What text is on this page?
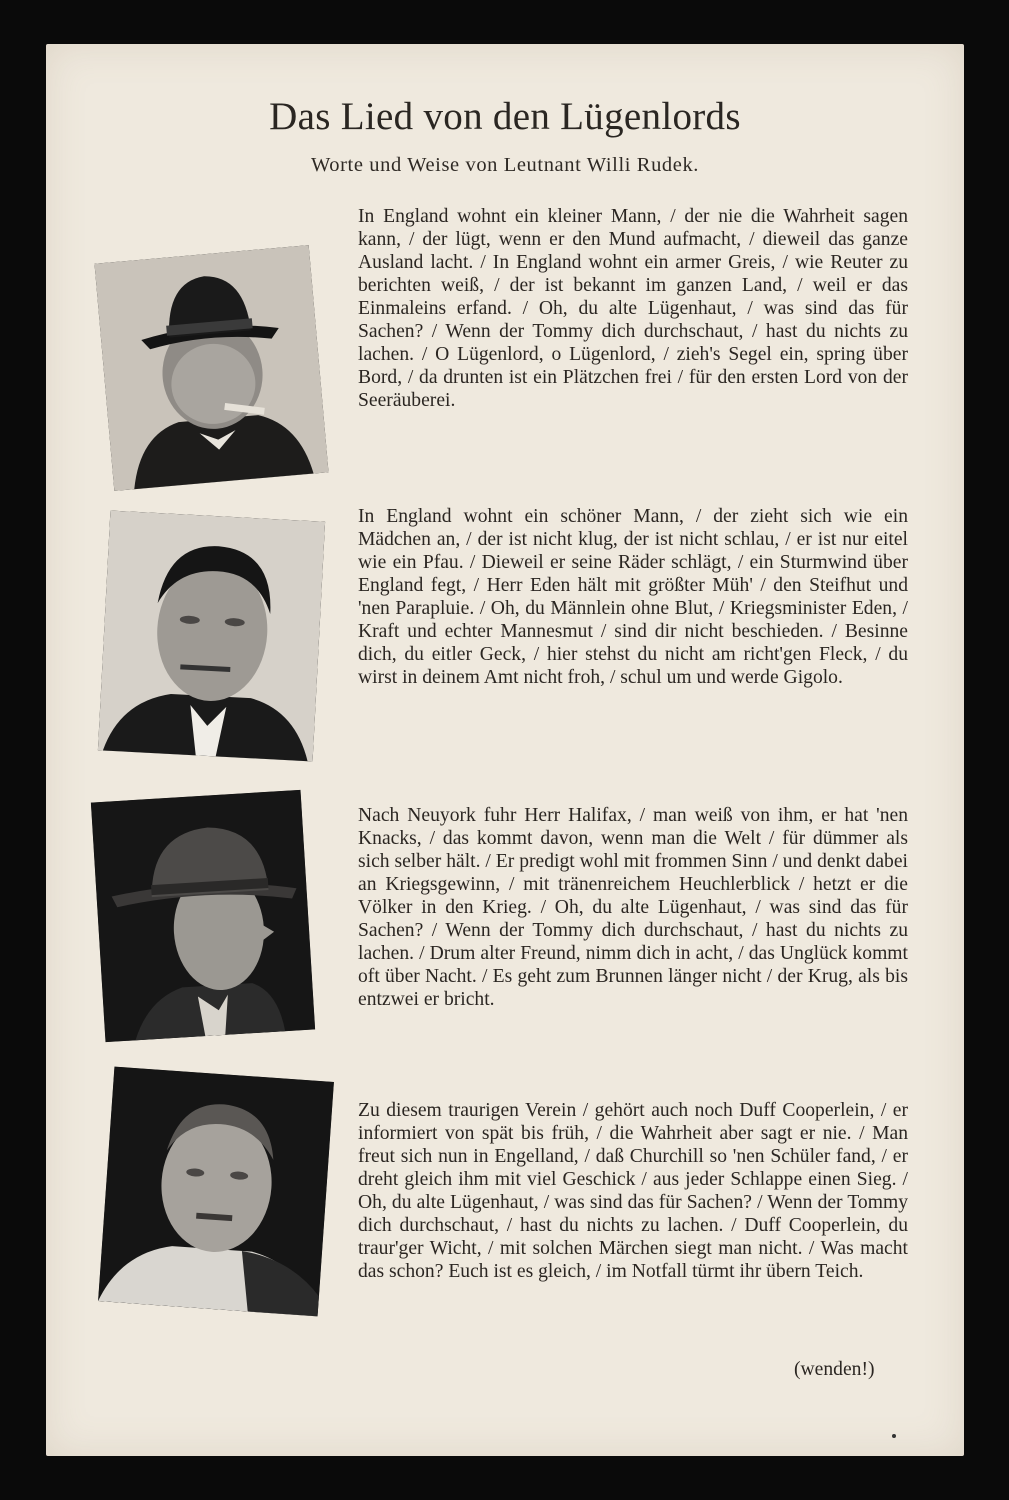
Das Lied von den Lügenlords
Worte und Weise von Leutnant Willi Rudek.

In England wohnt ein kleiner Mann, / der nie die Wahrheit sagen kann, / der lügt, wenn er den Mund aufmacht, / dieweil das ganze Ausland lacht. / In England wohnt ein armer Greis, / wie Reuter zu berichten weiß, / der ist bekannt im ganzen Land, / weil er das Einmaleins erfand. / Oh, du alte Lügenhaut, / was sind das für Sachen? / Wenn der Tommy dich durchschaut, / hast du nichts zu lachen. / O Lügenlord, o Lügenlord, / zieh's Segel ein, spring über Bord, / da drunten ist ein Plätzchen frei / für den ersten Lord von der Seeräuberei.

In England wohnt ein schöner Mann, / der zieht sich wie ein Mädchen an, / der ist nicht klug, der ist nicht schlau, / er ist nur eitel wie ein Pfau. / Dieweil er seine Räder schlägt, / ein Sturmwind über England fegt, / Herr Eden hält mit größter Müh' / den Steifhut und 'nen Parapluie. / Oh, du Männlein ohne Blut, / Kriegsminister Eden, / Kraft und echter Mannesmut / sind dir nicht beschieden. / Besinne dich, du eitler Geck, / hier stehst du nicht am richt'gen Fleck, / du wirst in deinem Amt nicht froh, / schul um und werde Gigolo.

Nach Neuyork fuhr Herr Halifax, / man weiß von ihm, er hat 'nen Knacks, / das kommt davon, wenn man die Welt / für dümmer als sich selber hält. / Er predigt wohl mit frommen Sinn / und denkt dabei an Kriegsgewinn, / mit tränenreichem Heuchlerblick / hetzt er die Völker in den Krieg. / Oh, du alte Lügenhaut, / was sind das für Sachen? / Wenn der Tommy dich durchschaut, / hast du nichts zu lachen. / Drum alter Freund, nimm dich in acht, / das Unglück kommt oft über Nacht. / Es geht zum Brunnen länger nicht / der Krug, als bis entzwei er bricht.

Zu diesem traurigen Verein / gehört auch noch Duff Cooperlein, / er informiert von spät bis früh, / die Wahrheit aber sagt er nie. / Man freut sich nun in Engelland, / daß Churchill so 'nen Schüler fand, / er dreht gleich ihm mit viel Geschick / aus jeder Schlappe einen Sieg. / Oh, du alte Lügenhaut, / was sind das für Sachen? / Wenn der Tommy dich durchschaut, / hast du nichts zu lachen. / Duff Cooperlein, du traur'ger Wicht, / mit solchen Märchen siegt man nicht. / Was macht das schon? Euch ist es gleich, / im Notfall türmt ihr übern Teich.

(wenden!)
